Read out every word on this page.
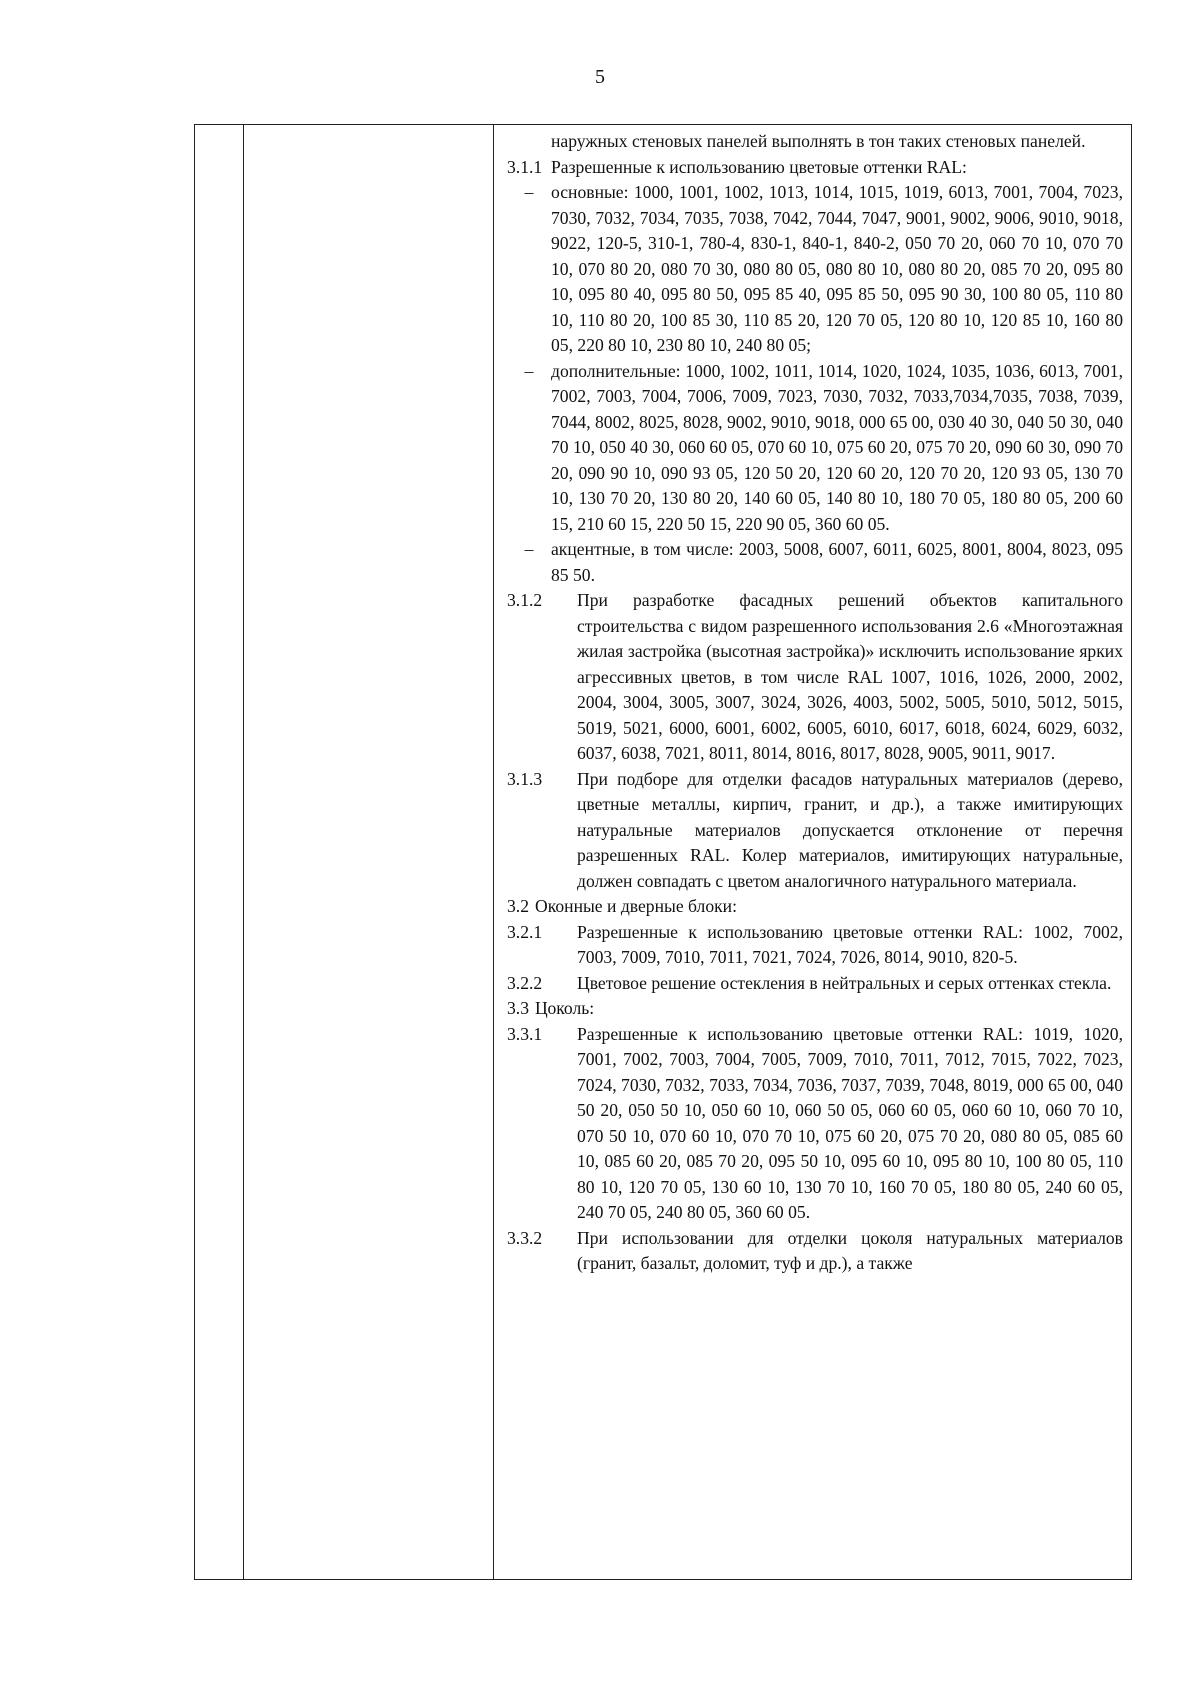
5
наружных стеновых панелей выполнять в тон таких стеновых панелей.
3.1.1 Разрешенные к использованию цветовые оттенки RAL:
–	основные: 1000, 1001, 1002, 1013, 1014, 1015, 1019, 6013, 7001, 7004, 7023, 7030, 7032, 7034, 7035, 7038, 7042, 7044, 7047, 9001, 9002, 9006, 9010, 9018, 9022, 120-5, 310-1, 780-4, 830-1, 840-1, 840-2, 050 70 20, 060 70 10, 070 70 10, 070 80 20, 080 70 30, 080 80 05, 080 80 10, 080 80 20, 085 70 20, 095 80 10, 095 80 40, 095 80 50, 095 85 40, 095 85 50, 095 90 30, 100 80 05, 110 80 10, 110 80 20, 100 85 30, 110 85 20, 120 70 05, 120 80 10, 120 85 10, 160 80 05, 220 80 10, 230 80 10, 240 80 05;
–	дополнительные: 1000, 1002, 1011, 1014, 1020, 1024, 1035, 1036, 6013, 7001, 7002, 7003, 7004, 7006, 7009, 7023, 7030, 7032, 7033,7034,7035, 7038, 7039, 7044, 8002, 8025, 8028, 9002, 9010, 9018, 000 65 00, 030 40 30, 040 50 30, 040 70 10, 050 40 30, 060 60 05, 070 60 10, 075 60 20, 075 70 20, 090 60 30, 090 70 20, 090 90 10, 090 93 05, 120 50 20, 120 60 20, 120 70 20, 120 93 05, 130 70 10, 130 70 20, 130 80 20, 140 60 05, 140 80 10, 180 70 05, 180 80 05, 200 60 15, 210 60 15, 220 50 15, 220 90 05, 360 60 05.
–	акцентные, в том числе: 2003, 5008, 6007, 6011, 6025, 8001, 8004, 8023, 095 85 50.
3.1.2	При разработке фасадных решений объектов капитального строительства с видом разрешенного использования 2.6 «Многоэтажная жилая застройка (высотная застройка)» исключить использование ярких агрессивных цветов, в том числе RAL 1007, 1016, 1026, 2000, 2002, 2004, 3004, 3005, 3007, 3024, 3026, 4003, 5002, 5005, 5010, 5012, 5015, 5019, 5021, 6000, 6001, 6002, 6005, 6010, 6017, 6018, 6024, 6029, 6032, 6037, 6038, 7021, 8011, 8014, 8016, 8017, 8028, 9005, 9011, 9017.
3.1.3	При подборе для отделки фасадов натуральных материалов (дерево, цветные металлы, кирпич, гранит, и др.), а также имитирующих натуральные материалов допускается отклонение от перечня разрешенных RAL. Колер материалов, имитирующих натуральные, должен совпадать с цветом аналогичного натурального материала.
3.2 Оконные и дверные блоки:
3.2.1	Разрешенные к использованию цветовые оттенки RAL: 1002, 7002, 7003, 7009, 7010, 7011, 7021, 7024, 7026, 8014, 9010, 820-5.
3.2.2	Цветовое решение остекления в нейтральных и серых оттенках стекла.
3.3 Цоколь:
3.3.1	Разрешенные к использованию цветовые оттенки RAL: 1019, 1020, 7001, 7002, 7003, 7004, 7005, 7009, 7010, 7011, 7012, 7015, 7022, 7023, 7024, 7030, 7032, 7033, 7034, 7036, 7037, 7039, 7048, 8019, 000 65 00, 040 50 20, 050 50 10, 050 60 10, 060 50 05, 060 60 05, 060 60 10, 060 70 10, 070 50 10, 070 60 10, 070 70 10, 075 60 20, 075 70 20, 080 80 05, 085 60 10, 085 60 20, 085 70 20, 095 50 10, 095 60 10, 095 80 10, 100 80 05, 110 80 10, 120 70 05, 130 60 10, 130 70 10, 160 70 05, 180 80 05, 240 60 05, 240 70 05, 240 80 05, 360 60 05.
3.3.2	При использовании для отделки цоколя натуральных материалов (гранит, базальт, доломит, туф и др.), а также
